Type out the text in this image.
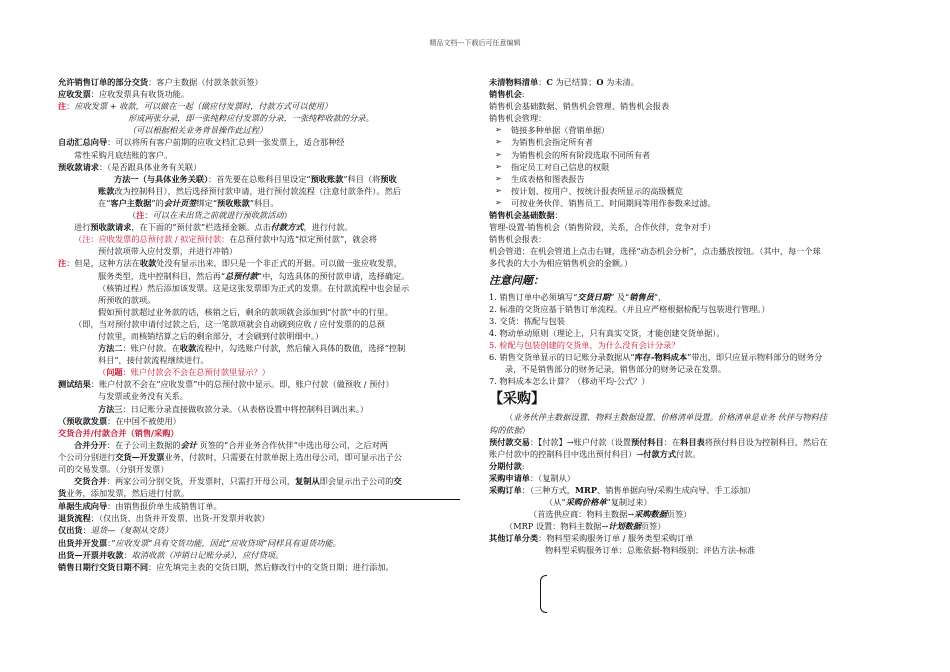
精品文档---下载后可任意编辑
允许销售订单的部分交货：客户主数据（付款条款页签）
应收发票：应收发票具有收货功能。
注：应收发票 + 收款，可以做在一起（做应付发票时，付款方式可以使用）
形成两张分录，即一张纯粹应付发票的分录，一张纯粹收款的分录。
（可以根据相关业务背景操作此过程）
自动汇总向导：可以将所有客户前期的应收文档汇总到一张发票上，适合那种经
常性采购月底结账的客户。
预收款请求：（是否跟具体业务有关联）
方法一（与具体业务关联）：首先要在总账科目里设定“预收账款”科目（将预收
账款改为控制科目），然后选择预付款申请，进行预付款流程（注意付款条件）。然后
在“客户主数据”的会计页签绑定“预收账款”科目。
（注：可以在未出货之前就进行预收款活动）
进行预收款请求，在下面的“预付款”栏选择金额。点击付款方式，进行付款。
（注：应收发票的总预付款 / 拟定预付款：在总预付款中勾选“拟定预付款”，就会将
预付款项带入应付发票，并进行冲销）
注：但是，这种方法在收款处没有显示出来，即只是一个非正式的开据。可以做一张应收发票，
服务类型，选中控制科目，然后再“总预付款”中，勾选具体的预付款申请，选择确定。
（核销过程）然后添加该发票。这是这张发票即为正式的发票。在付款流程中也会显示
所预收的款项。
假如预付款超过业务款的话，核销之后，剩余的款项就会添加到“付款”中的行里。
（即，当对预付款申请付过款之后，这一笔款项就会自动刷到应收 / 应付发票的的总预
付款里，而核销结算之后的剩余部分，才会刷到付款明细中。）
方法二：账户付款。在收款流程中，勾选账户付款，然后输入具体的数值，选择“控制
科目”，接付款流程继续进行。
（问题：账户付款会不会在总预付款里显示？）
测试结果：账户付款不会在“应收发票”中的总预付款中显示。即，账户付款（做预收 / 预付）
与发票或业务没有关系。
方法三：日记账分录直接做收款分录。（从表格设置中将控制科目调出来。）
（预收款发票：在中国不被使用）
交货合并/付款合并（销售/采购）
合并分开：在子公司主数据的会计 页签的“合并业务合作伙伴”中选出母公司，之后对两
个公司分别进行交货—开发票业务，付款时，只需要在付款单据上选出母公司，即可显示出子公
司的交易发票。（分别开发票）
交货合并：两家公司分别交货，开发票时，只需打开母公司，复制从即会显示出子公司的交
货业务，添加发票，然后进行付款。
单据生成向导：由销售报价单生成销售订单。
退货流程：（仅出货、出货并开发票、出货-开发票并收款）
仅出货：退货—（复制从交货）
出货并开发票：”应收发票“具有交货功能，因此“应收贷项”同样具有退货功能。
出货—开票并收款：取消收款（冲销日记账分录），应付贷项。
销售日期行交货日期不同：应先填完主表的交货日期，然后修改行中的交货日期；进行添加。
未清物料清单：C 为已结算；O 为未清。
销售机会:
销售机会基础数据、销售机会管理、销售机会报表
销售机会管理：
➢ 链接多种单据（营销单据）
➢ 为销售机会指定所有者
➢ 为销售机会的所有阶段选取不同所有者
➢ 指定员工对自己信息的权限
➢ 生成表格和图表报告
➢ 按计划、按用户、按统计报表所显示的高级概览
➢ 可按业务伙伴、销售员工、时间期间等用作参数来过滤。
销售机会基础数据：
管理-设置-销售机会（销售阶段，关系，合作伙伴，竞争对手）
销售机会报表：
机会管道：在机会管道上点击右键，选择“动态机会分析”，点击播放按钮。（其中，每一个球
多代表的大小为相应销售机会的金额。）
注意问题：
1. 销售订单中必须填写“交货日期” 及“销售员”，
2. 标准的交货应基于销售订单流程。（并且应严格根据检配与包装进行管理。）
3. 交货：拣配与包装
4. 物动单动原则（理论上，只有真实交货，才能创建交货单据）。
5. 检配与包装创建的交货单，为什么没有会计分录？
6. 销售交货单显示的日记账分录数据从“库存-物料成本”带出，即只应显示物料部分的财务分
录，不是销售部分的财务记录，销售部分的财务记录在发票。
7. 物料成本怎么计算？（移动平均-公式？）
【采购】
（业务伙伴主数据设置、物料主数据设置、价格清单设置。价格清单是业务 伙伴与物料挂
钩的依据）
预付款交易：【付款】→账户付款（设置预付科目：在科目表将预付科目设为控制科目，然后在
账户付款中的控制科目中选出预付科目）→付款方式付款。
分期付款:
采购申请单：（复制从）
采购订单：（三种方式，MRP、销售单据向导/采购生成向导、手工添加）
（从“采购价格单”复制过来）
（首选供应商：物料主数据→采购数据页签）
（MRP 设置：物料主数据→计划数据页签）
其他订单分类：物料型采购服务订单 / 服务类型采购订单
物料型采购服务订单：总账依据-物料级别；评估方法-标准
